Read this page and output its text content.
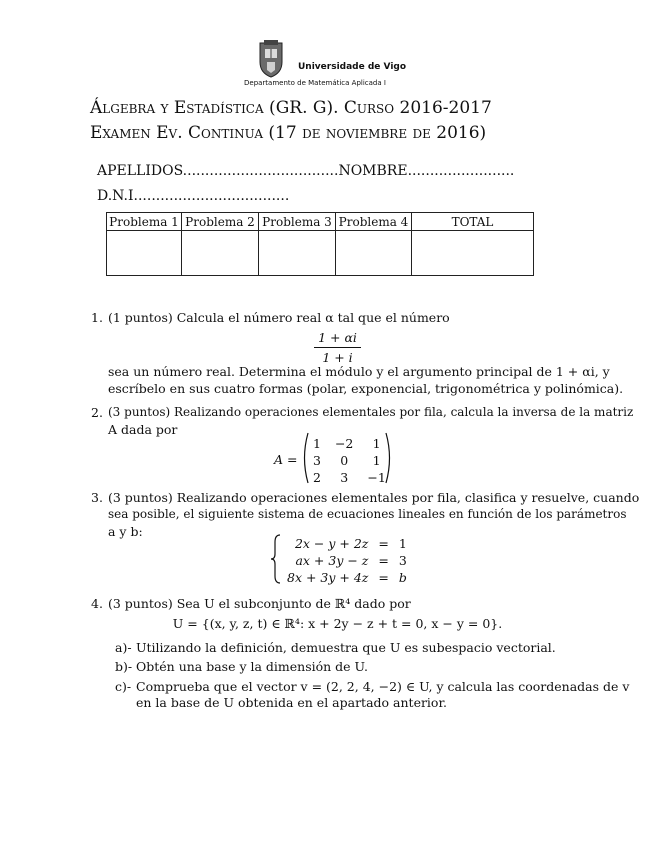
Universidade de Vigo
Departamento de Matemática Aplicada I
Álgebra y Estadística (GR. G). Curso 2016-2017
Examen Ev. Continua (17 de noviembre de 2016)
APELLIDOS...................................NOMBRE........................
D.N.I...................................
Problema 1	Problema 2	Problema 3	Problema 4	TOTAL

1. (1 puntos) Calcula el número real α tal que el número
$\frac{1 + \alpha i}{1 + i}$
sea un número real. Determina el módulo y el argumento principal de 1 + αi, y
escríbelo en sus cuatro formas (polar, exponencial, trigonométrica y polinómica).
2. (3 puntos) Realizando operaciones elementales por fila, calcula la inversa de la matriz
A dada por
A =
1	−2	1
3	0	1
2	3	−1
3. (3 puntos) Realizando operaciones elementales por fila, clasifica y resuelve, cuando
sea posible, el siguiente sistema de ecuaciones lineales en función de los parámetros
a y b:
2x − y + 2z	=	1
ax + 3y − z	=	3
8x + 3y + 4z	=	b
4. (3 puntos) Sea U el subconjunto de ℝ⁴ dado por
U = {(x, y, z, t) ∈ ℝ⁴: x + 2y − z + t = 0, x − y = 0}.
a)- Utilizando la definición, demuestra que U es subespacio vectorial.
b)- Obtén una base y la dimensión de U.
c)- Comprueba que el vector v = (2, 2, 4, −2) ∈ U, y calcula las coordenadas de v
en la base de U obtenida en el apartado anterior.
